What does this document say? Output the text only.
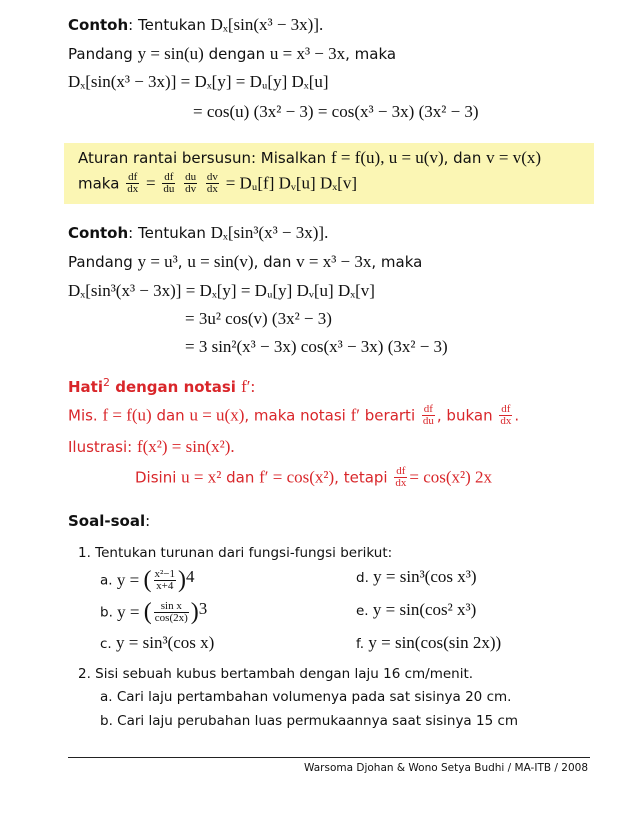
Contoh: Tentukan Dₓ[sin(x³ − 3x)].
Pandang y = sin(u) dengan u = x³ − 3x, maka
Dₓ[sin(x³ − 3x)] = Dₓ[y] = Dᵤ[y] Dₓ[u]
= cos(u) (3x² − 3) = cos(x³ − 3x) (3x² − 3)
Aturan rantai bersusun: Misalkan f = f(u), u = u(v), dan v = v(x)
maka $\frac{df}{dx} = \frac{df}{du}$
$\frac{du}{dv}$
$\frac{dv}{dx}$ = Dᵤ[f] Dᵥ[u] Dₓ[v]
Contoh: Tentukan Dₓ[sin³(x³ − 3x)].
Pandang y = u³, u = sin(v), dan v = x³ − 3x, maka
Dₓ[sin³(x³ − 3x)] = Dₓ[y] = Dᵤ[y] Dᵥ[u] Dₓ[v]
= 3u² cos(v) (3x² − 3)
= 3 sin²(x³ − 3x) cos(x³ − 3x) (3x² − 3)
Hati$^2$ dengan notasi f′:
Mis. f = f(u) dan u = u(x), maka notasi f′ berarti $\frac{df}{du}$ , bukan $\frac{df}{dx}$ .
Ilustrasi: f(x²) = sin(x²).
Disini u = x² dan f′ = cos(x²), tetapi $\frac{df}{dx} = \cos(x^2)$ 2x
Soal-soal:
1. Tentukan turunan dari fungsi-fungsi berikut:
a. y = ( $\frac{\text{x²−1}}{x+4} )^4$
b. y = ( $\frac{\text{sin x}}{\cos(2x)} )^3$
c. y = sin³(cos x)
d. y = sin³(cos x³)
e. y = sin(cos² x³)
f. y = sin(cos(sin 2x))
2. Sisi sebuah kubus bertambah dengan laju 16 cm/menit.
a. Cari laju pertambahan volumenya pada sat sisinya 20 cm.
b. Cari laju perubahan luas permukaannya saat sisinya 15 cm
Warsoma Djohan & Wono Setya Budhi / MA-ITB / 2008
